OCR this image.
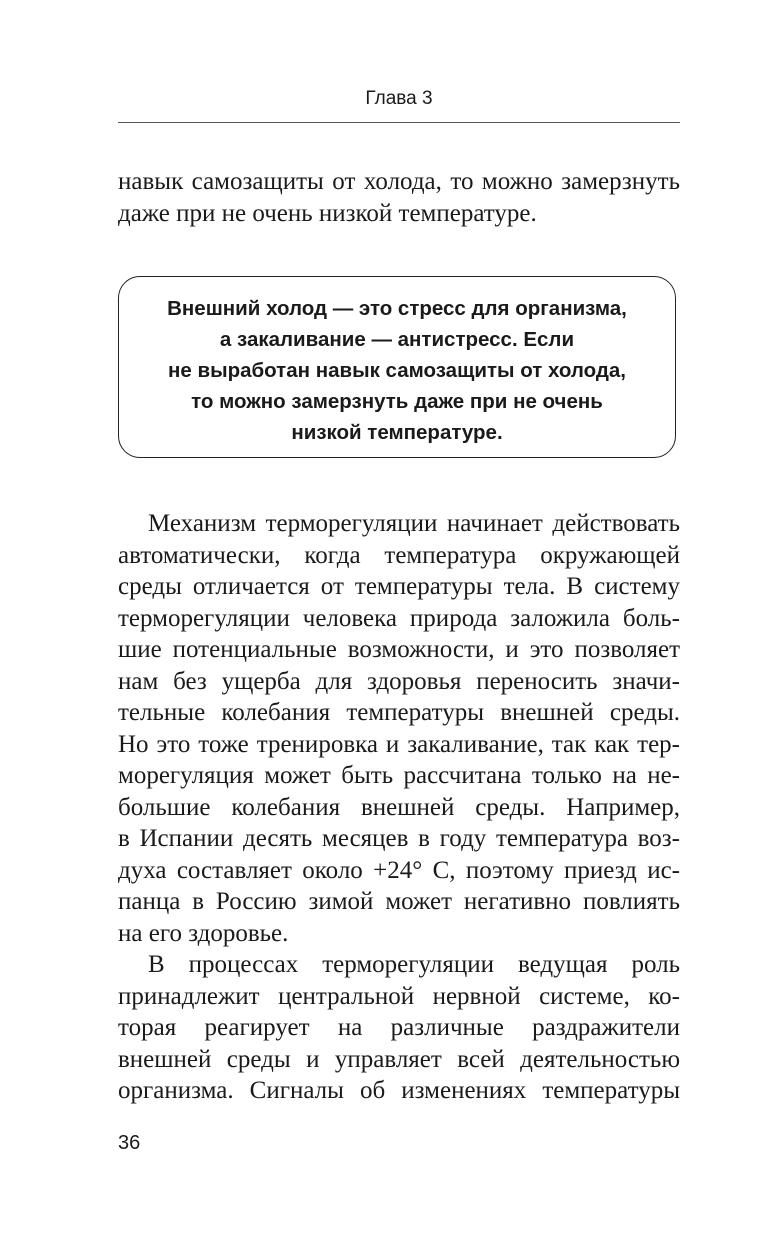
Глава 3
навык самозащиты от холода, то можно замерзнуть
даже при не очень низкой температуре.
Внешний холод — это стресс для организма,
а закаливание — антистресс. Если
не выработан навык самозащиты от холода,
то можно замерзнуть даже при не очень
низкой температуре.
Механизм терморегуляции начинает действовать
автоматически, когда температура окружающей
среды отличается от температуры тела. В систему
терморегуляции человека природа заложила боль-
шие потенциальные возможности, и это позволяет
нам без ущерба для здоровья переносить значи-
тельные колебания температуры внешней среды.
Но это тоже тренировка и закаливание, так как тер-
морегуляция может быть рассчитана только на не-
большие колебания внешней среды. Например,
в Испании десять месяцев в году температура воз-
духа составляет около +24° С, поэтому приезд ис-
панца в Россию зимой может негативно повлиять
на его здоровье.
В процессах терморегуляции ведущая роль
принадлежит центральной нервной системе, ко-
торая реагирует на различные раздражители
внешней среды и управляет всей деятельностью
организма. Сигналы об изменениях температуры
36
